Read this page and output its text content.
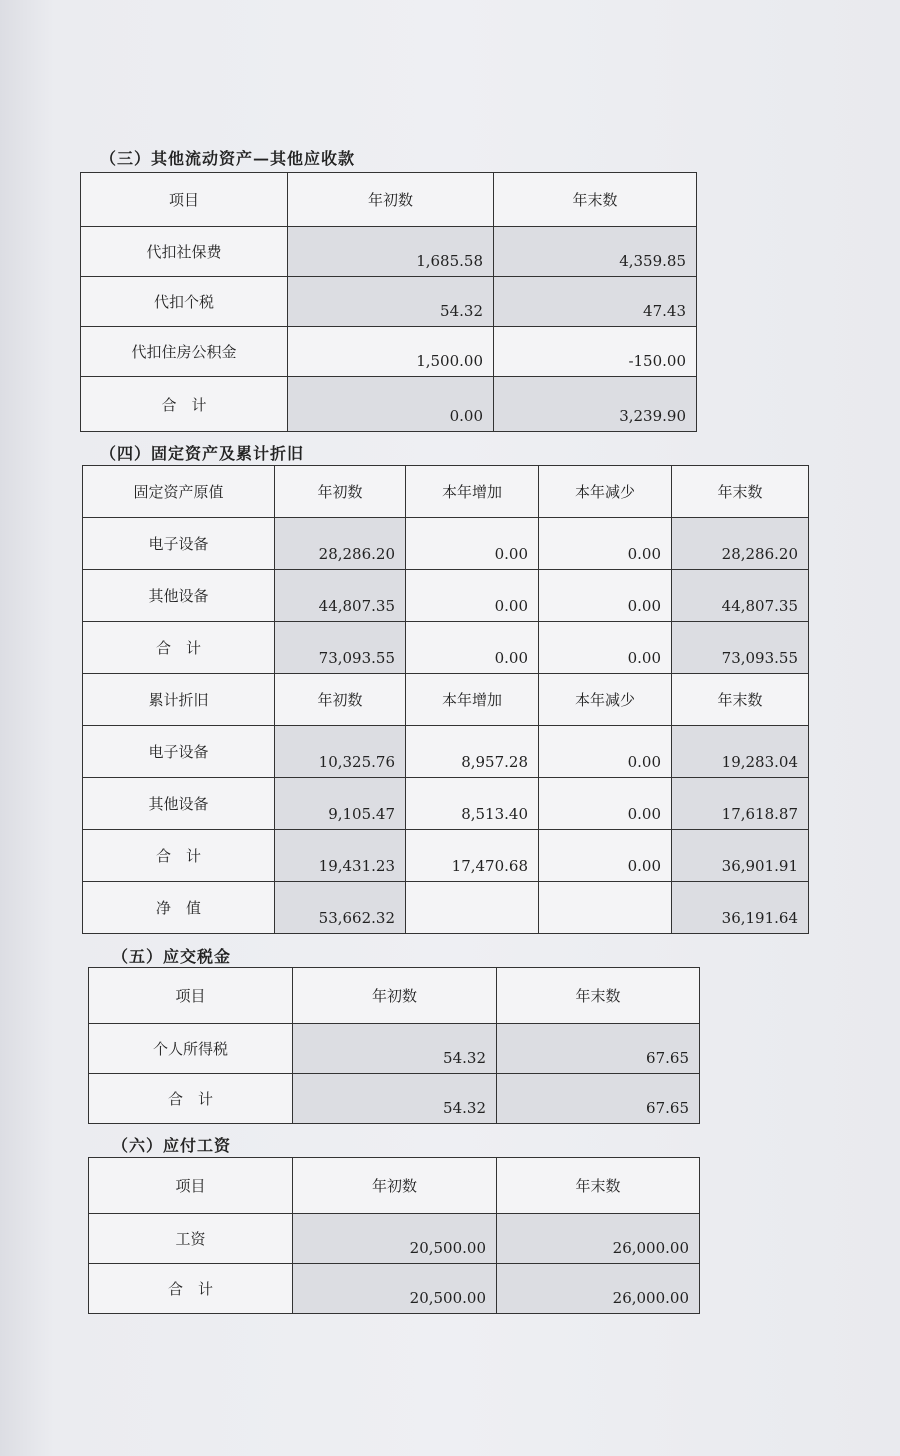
（三）其他流动资产—其他应收款
项目	年初数	年末数
代扣社保费	1,685.58	4,359.85
代扣个税	54.32	47.43
代扣住房公积金	1,500.00	-150.00
合　计	0.00	3,239.90
（四）固定资产及累计折旧
固定资产原值	年初数	本年增加	本年减少	年末数
电子设备	28,286.20	0.00	0.00	28,286.20
其他设备	44,807.35	0.00	0.00	44,807.35
合　计	73,093.55	0.00	0.00	73,093.55
累计折旧	年初数	本年增加	本年减少	年末数
电子设备	10,325.76	8,957.28	0.00	19,283.04
其他设备	9,105.47	8,513.40	0.00	17,618.87
合　计	19,431.23	17,470.68	0.00	36,901.91
净　值	53,662.32			36,191.64
（五）应交税金
项目	年初数	年末数
个人所得税	54.32	67.65
合　计	54.32	67.65
（六）应付工资
项目	年初数	年末数
工资	20,500.00	26,000.00
合　计	20,500.00	26,000.00
